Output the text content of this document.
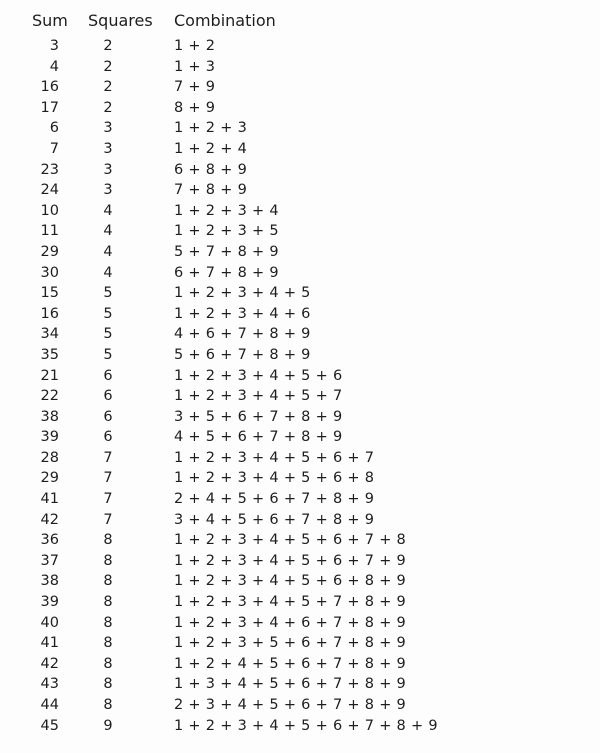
Sum Squares Combination
3	2	1 + 2
4	2	1 + 3
16	2	7 + 9
17	2	8 + 9
6	3	1 + 2 + 3
7	3	1 + 2 + 4
23	3	6 + 8 + 9
24	3	7 + 8 + 9
10	4	1 + 2 + 3 + 4
11	4	1 + 2 + 3 + 5
29	4	5 + 7 + 8 + 9
30	4	6 + 7 + 8 + 9
15	5	1 + 2 + 3 + 4 + 5
16	5	1 + 2 + 3 + 4 + 6
34	5	4 + 6 + 7 + 8 + 9
35	5	5 + 6 + 7 + 8 + 9
21	6	1 + 2 + 3 + 4 + 5 + 6
22	6	1 + 2 + 3 + 4 + 5 + 7
38	6	3 + 5 + 6 + 7 + 8 + 9
39	6	4 + 5 + 6 + 7 + 8 + 9
28	7	1 + 2 + 3 + 4 + 5 + 6 + 7
29	7	1 + 2 + 3 + 4 + 5 + 6 + 8
41	7	2 + 4 + 5 + 6 + 7 + 8 + 9
42	7	3 + 4 + 5 + 6 + 7 + 8 + 9
36	8	1 + 2 + 3 + 4 + 5 + 6 + 7 + 8
37	8	1 + 2 + 3 + 4 + 5 + 6 + 7 + 9
38	8	1 + 2 + 3 + 4 + 5 + 6 + 8 + 9
39	8	1 + 2 + 3 + 4 + 5 + 7 + 8 + 9
40	8	1 + 2 + 3 + 4 + 6 + 7 + 8 + 9
41	8	1 + 2 + 3 + 5 + 6 + 7 + 8 + 9
42	8	1 + 2 + 4 + 5 + 6 + 7 + 8 + 9
43	8	1 + 3 + 4 + 5 + 6 + 7 + 8 + 9
44	8	2 + 3 + 4 + 5 + 6 + 7 + 8 + 9
45	9	1 + 2 + 3 + 4 + 5 + 6 + 7 + 8 + 9
